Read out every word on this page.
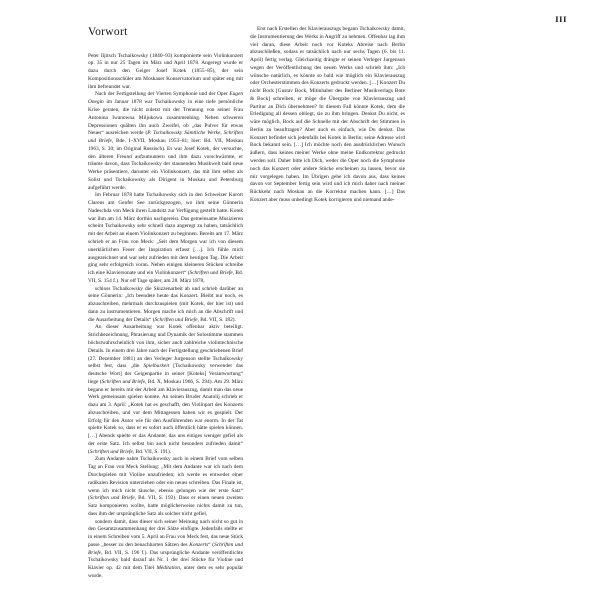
III
Vorwort

Peter Iljitsch Tschaikowsky (1840–93) komponierte sein Violinkonzert op. 35 in nur 25 Tagen im März und April 1878. Angeregt wurde er dazu durch den Geiger Josef Kotek (1855–85), der sein Kompositionsschüler am Moskauer Konservatorium und später eng mit ihm befreundet war.

Nach der Fertigstellung der Vierten Symphonie und der Oper Eugen Onegin im Januar 1878 war Tschaikowsky in eine tiefe persönliche Krise geraten, die nicht zuletzt mit der Trennung von seiner Frau Antonina Iwanowna Miljukowa zusammenhing. Neben schweren Depressionen quälten ihn auch Zweifel, ob „das Pulver für etwas Neues“ ausreichen werde (P. Tschaikowsky Sämtliche Werke, Schriften und Briefe, Bde. I–XVII, Moskau 1953–81; hier: Bd. VII, Moskau 1963, S. 30; im Original Russisch). Es war Josef Kotek, der versuchte, den älteren Freund aufzumuntern und ihm dazu vorschwärmte, er träume davon, dass Tschaikowsky der staunenden Musikwelt bald neue Werke präsentiere, darunter ein Violinkonzert, das mit ihm selbst als Solist und Tschaikowsky als Dirigent in Moskau und Petersburg aufgeführt werde.

Im Februar 1878 hatte Tschaikowsky sich in den Schweizer Kurort Clarens am Genfer See zurückgezogen, wo ihm seine Gönnerin Nadeschda von Meck ihren Landsitz zur Verfügung gestellt hatte. Kotek war ihm am 14. März dorthin nachgereist. Das gemeinsame Musizieren scheint Tschaikowsky sehr schnell dazu angeregt zu haben, tatsächlich mit der Arbeit an einem Violinkonzert zu beginnen. Bereits am 17. März schrieb er an Frau von Meck: „Seit dem Morgen war ich von diesem unerklärlichen Feuer der Inspiration erfasst […]. Ich fühle mich ausgezeichnet und war sehr zufrieden mit dem heutigen Tag. Die Arbeit ging sehr erfolgreich voran. Neben einigen kleineren Stücken schreibe ich eine Klaviersonate und ein Violinkonzert“ (Schriften und Briefe, Bd. VII, S. 154 f.). Nur elf Tage später, am 28. März 1878,

schloss Tschaikowsky die Skizzenarbeit ab und schrieb darüber an seine Gönnerin: „Ich beendete heute das Konzert. Bleibt nur noch, es abzuschreiben, mehrmals durchzuspielen (mit Kotek, der hier ist) und dann zu instrumentieren. Morgen mache ich mich an die Abschrift und die Ausarbeitung der Details“ (Schriften und Briefe, Bd. VII, S. 182).

An dieser Ausarbeitung war Kotek offenbar aktiv beteiligt. Strichbezeichnung, Phrasierung und Dynamik der Solostimme stammen höchstwahrscheinlich von ihm, sicher auch zahlreiche violintechnische Details. In einem drei Jahre nach der Fertigstellung geschriebenen Brief (27. Dezember 1881) an den Verleger Jurgenson stellte Tschaikowsky selbst fest, dass „die Spielbarkeit [Tschaikowsky verwendet das deutsche Wort] der Geigenpartie in seiner [Koteks] Verantwortung“ liege (Schriften und Briefe, Bd. X, Moskau 1966, S. 294). Am 29. März begann er bereits mit der Arbeit am Klavierauszug, damit man das neue Werk gemeinsam spielen konnte. An seinen Bruder Anatolij schrieb er dazu am 3. April: „Kotek hat es geschafft, den Violinpart des Konzerts abzuschreiben, und vor dem Mittagessen haben wir es gespielt. Der Erfolg für den Autor wie für den Ausführenden war enorm. In der Tat spielte Kotek so, dass er es sofort auch öffentlich hätte spielen können. […] Abends spielte er das Andante, das uns einiges weniger gefiel als der erste Satz. Ich selbst bin auch nicht besonders zufrieden damit“ (Schriften und Briefe, Bd. VII, S. 191).

Zum Andante nahm Tschaikowsky auch in einem Brief vom selben Tag an Frau von Meck Stellung: „Mit dem Andante war ich nach dem Durchspielen mit Violine unzufrieden; ich werde es entweder einer radikalen Revision unterziehen oder ein neues schreiben. Das Finale ist, wenn ich mich nicht täusche, ebenso gelungen wie der erste Satz“ (Schriften und Briefe, Bd. VII, S. 192). Dass er einen neuen zweiten Satz komponieren wollte, hatte möglicherweise nichts damit zu tun, dass ihm der ursprüngliche Satz als solcher nicht gefiel,

sondern damit, dass dieser sich seiner Meinung nach nicht so gut in den Gesamtzusammenhang der drei Sätze einfügte. Jedenfalls stellte er in einem Schreiben vom 5. April an Frau von Meck fest, das neue Stück passe „besser zu den benachbarten Sätzen des Konzerts“ (Schriften und Briefe, Bd. VII, S. 196 f.). Das ursprüngliche Andante veröffentlichte Tschaikowsky bald darauf als Nr. 1 der drei Stücke für Violine und Klavier op. 42 mit dem Titel Méditation, unter dem es sehr populär wurde.

Erst nach Erstellen des Klavierauszugs begann Tschaikowsky damit, die Instrumentierung des Werks in Angriff zu nehmen. Offenbar lag ihm viel daran, diese Arbeit noch vor Koteks Abreise nach Berlin abzuschließen, sodass er tatsächlich nach nur sechs Tagen (6. bis 11. April) fertig verlag. Gleichzeitig drängte er seinen Verleger Jurgenson wegen der Veröffentlichung des neuen Werks und schrieb ihm: „Ich wünsche natürlich, es könnte so bald wie möglich ein Klavierauszug oder Orchesterstimmen des Konzerts gedruckt werden. […] Konzert Du nicht Bock [Gustav Bock, Mitinhaber des Berliner Musikverlags Bote & Bock] schreiben, er möge die Übergabe von Klavierauszug und Partitur an Dich übernehmen? In diesem Fall könnte Kotek, dem die Erledigung all dessen obliegt, sie zu ihm bringen. Denkst Du nicht, es wäre möglich, Bock auf die Schnelle mit der Abschrift der Stimmen in Berlin zu beauftragen? Aber auch es einfach, wie Du denkst. Das Konzert befindet sich jedenfalls bei Kotek in Berlin; seine Adresse wird Bock bekannt sein. […] Ich möchte noch den ausdrücklichen Wunsch äußern, dass keines meiner Werke ohne meine Endkorrektur gedruckt werden soll. Daher bitte ich Dich, weder die Oper noch die Symphonie noch das Konzert oder andere Stücke erscheinen zu lassen, bevor sie mir vorgelegen haben. Im Übrigen gehe ich davon aus, dass keines davon vor September fertig sein wird und ich mich daher nach meiner Rückkehr nach Moskau an die Korrektur machen kann. […] Das Konzert aber muss unbedingt Kotek korrigieren und niemand ande-
